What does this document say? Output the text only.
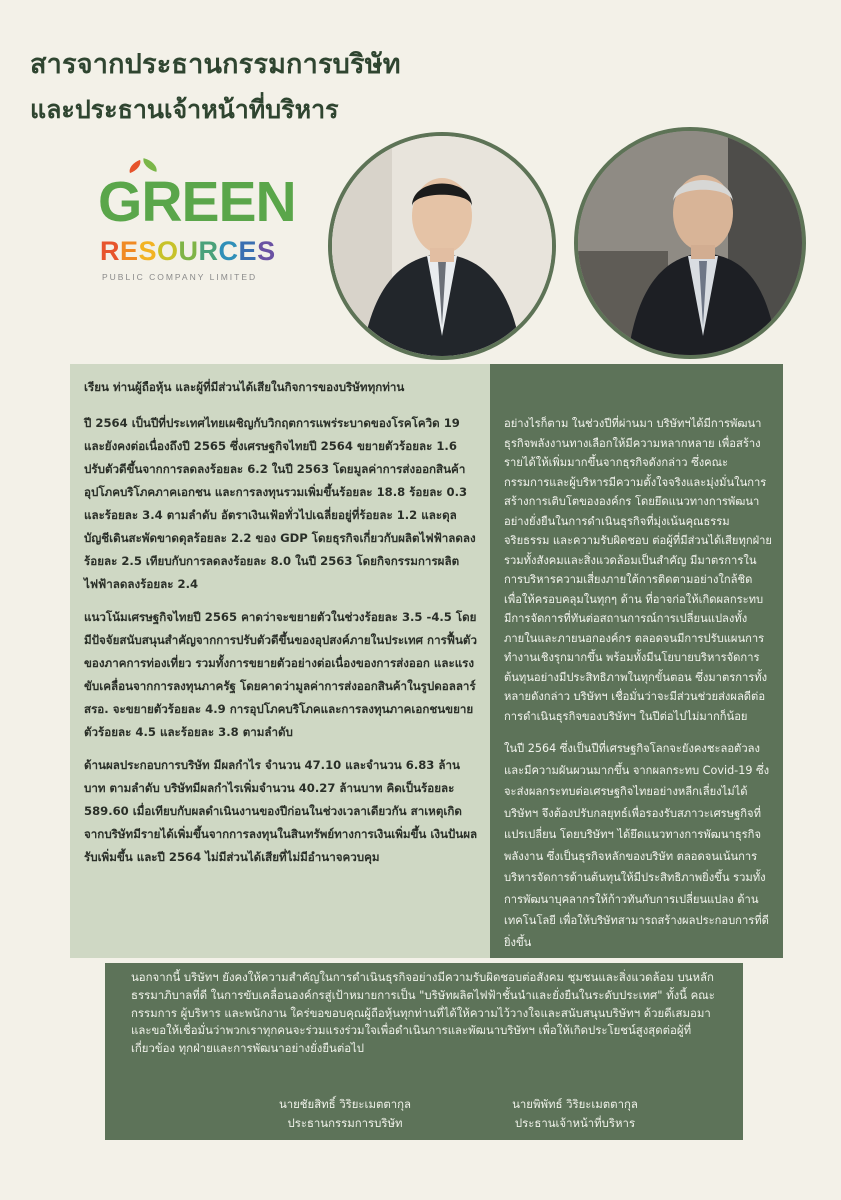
สารจากประธานกรรมการบริษัท
และประธานเจ้าหน้าที่บริหาร
GREEN
RESOURCES
PUBLIC COMPANY LIMITED

เรียน ท่านผู้ถือหุ้น และผู้ที่มีส่วนได้เสียในกิจการของบริษัททุกท่าน

ปี 2564 เป็นปีที่ประเทศไทยเผชิญกับวิกฤตการแพร่ระบาดของโรคโควิด 19 และยังคงต่อเนื่องถึงปี 2565 ซึ่งเศรษฐกิจไทยปี 2564 ขยายตัวร้อยละ 1.6 ปรับตัวดีขึ้นจากการลดลงร้อยละ 6.2 ในปี 2563 โดยมูลค่าการส่งออกสินค้า อุปโภคบริโภคภาคเอกชน และการลงทุนรวมเพิ่มขึ้นร้อยละ 18.8 ร้อยละ 0.3 และร้อยละ 3.4 ตามลำดับ อัตราเงินเฟ้อทั่วไปเฉลี่ยอยู่ที่ร้อยละ 1.2 และดุลบัญชีเดินสะพัดขาดดุลร้อยละ 2.2 ของ GDP โดยธุรกิจเกี่ยวกับผลิตไฟฟ้าลดลงร้อยละ 2.5 เทียบกับการลดลงร้อยละ 8.0 ในปี 2563 โดยกิจกรรมการผลิตไฟฟ้าลดลงร้อยละ 2.4

แนวโน้มเศรษฐกิจไทยปี 2565 คาดว่าจะขยายตัวในช่วงร้อยละ 3.5 -4.5 โดยมีปัจจัยสนับสนุนสำคัญจากการปรับตัวดีขึ้นของอุปสงค์ภายในประเทศ การฟื้นตัวของภาคการท่องเที่ยว รวมทั้งการขยายตัวอย่างต่อเนื่องของการส่งออก และแรงขับเคลื่อนจากการลงทุนภาครัฐ โดยคาดว่ามูลค่าการส่งออกสินค้าในรูปดอลลาร์ สรอ. จะขยายตัวร้อยละ 4.9 การอุปโภคบริโภคและการลงทุนภาคเอกชนขยายตัวร้อยละ 4.5 และร้อยละ 3.8 ตามลำดับ

ด้านผลประกอบการบริษัท มีผลกำไร จำนวน 47.10 และจำนวน 6.83 ล้านบาท ตามลำดับ บริษัทมีผลกำไรเพิ่มจำนวน 40.27 ล้านบาท คิดเป็นร้อยละ 589.60 เมื่อเทียบกับผลดำเนินงานของปีก่อนในช่วงเวลาเดียวกัน สาเหตุเกิดจากบริษัทมีรายได้เพิ่มขึ้นจากการลงทุนในสินทรัพย์ทางการเงินเพิ่มขึ้น เงินปันผลรับเพิ่มขึ้น และปี 2564 ไม่มีส่วนได้เสียที่ไม่มีอำนาจควบคุม

อย่างไรก็ตาม ในช่วงปีที่ผ่านมา บริษัทฯได้มีการพัฒนาธุรกิจพลังงานทางเลือกให้มีความหลากหลาย เพื่อสร้างรายได้ให้เพิ่มมากขึ้นจากธุรกิจดังกล่าว ซึ่งคณะกรรมการและผู้บริหารมีความตั้งใจจริงและมุ่งมั่นในการสร้างการเติบโตขององค์กร โดยยึดแนวทางการพัฒนาอย่างยั่งยืนในการดำเนินธุรกิจที่มุ่งเน้นคุณธรรม จริยธรรม และความรับผิดชอบ ต่อผู้ที่มีส่วนได้เสียทุกฝ่าย รวมทั้งสังคมและสิ่งแวดล้อมเป็นสำคัญ มีมาตรการในการบริหารความเสี่ยงภายใต้การติดตามอย่างใกล้ชิด เพื่อให้ครอบคลุมในทุกๆ ด้าน ที่อาจก่อให้เกิดผลกระทบ มีการจัดการที่ทันต่อสถานการณ์การเปลี่ยนแปลงทั้งภายในและภายนอกองค์กร ตลอดจนมีการปรับแผนการทำงานเชิงรุกมากขึ้น พร้อมทั้งมีนโยบายบริหารจัดการต้นทุนอย่างมีประสิทธิภาพในทุกขั้นตอน ซึ่งมาตรการทั้งหลายดังกล่าว บริษัทฯ เชื่อมั่นว่าจะมีส่วนช่วยส่งผลดีต่อการดำเนินธุรกิจของบริษัทฯ ในปีต่อไปไม่มากก็น้อย

ในปี 2564 ซึ่งเป็นปีที่เศรษฐกิจโลกจะยังคงชะลอตัวลงและมีความผันผวนมากขึ้น จากผลกระทบ Covid-19 ซึ่งจะส่งผลกระทบต่อเศรษฐกิจไทยอย่างหลีกเลี่ยงไม่ได้ บริษัทฯ จึงต้องปรับกลยุทธ์เพื่อรองรับสภาวะเศรษฐกิจที่แปรเปลี่ยน โดยบริษัทฯ ได้ยึดแนวทางการพัฒนาธุรกิจพลังงาน ซึ่งเป็นธุรกิจหลักของบริษัท ตลอดจนเน้นการบริหารจัดการด้านต้นทุนให้มีประสิทธิภาพยิ่งขึ้น รวมทั้งการพัฒนาบุคลากรให้ก้าวทันกับการเปลี่ยนแปลง ด้านเทคโนโลยี เพื่อให้บริษัทสามารถสร้างผลประกอบการที่ดียิ่งขึ้น

นอกจากนี้ บริษัทฯ ยังคงให้ความสำคัญในการดำเนินธุรกิจอย่างมีความรับผิดชอบต่อสังคม ชุมชนและสิ่งแวดล้อม บนหลักธรรมาภิบาลที่ดี ในการขับเคลื่อนองค์กรสู่เป้าหมายการเป็น "บริษัทผลิตไฟฟ้าชั้นนำและยั่งยืนในระดับประเทศ" ทั้งนี้ คณะกรรมการ ผู้บริหาร และพนักงาน ใคร่ขอขอบคุณผู้ถือหุ้นทุกท่านที่ได้ให้ความไว้วางใจและสนับสนุนบริษัทฯ ด้วยดีเสมอมา และขอให้เชื่อมั่นว่าพวกเราทุกคนจะร่วมแรงร่วมใจเพื่อดำเนินการและพัฒนาบริษัทฯ เพื่อให้เกิดประโยชน์สูงสุดต่อผู้ที่เกี่ยวข้อง ทุกฝ่ายและการพัฒนาอย่างยั่งยืนต่อไป

นายชัยสิทธิ์ วิริยะเมตตากุล
ประธานกรรมการบริษัท
นายพิพัทธ์ วิริยะเมตตากุล
ประธานเจ้าหน้าที่บริหาร
